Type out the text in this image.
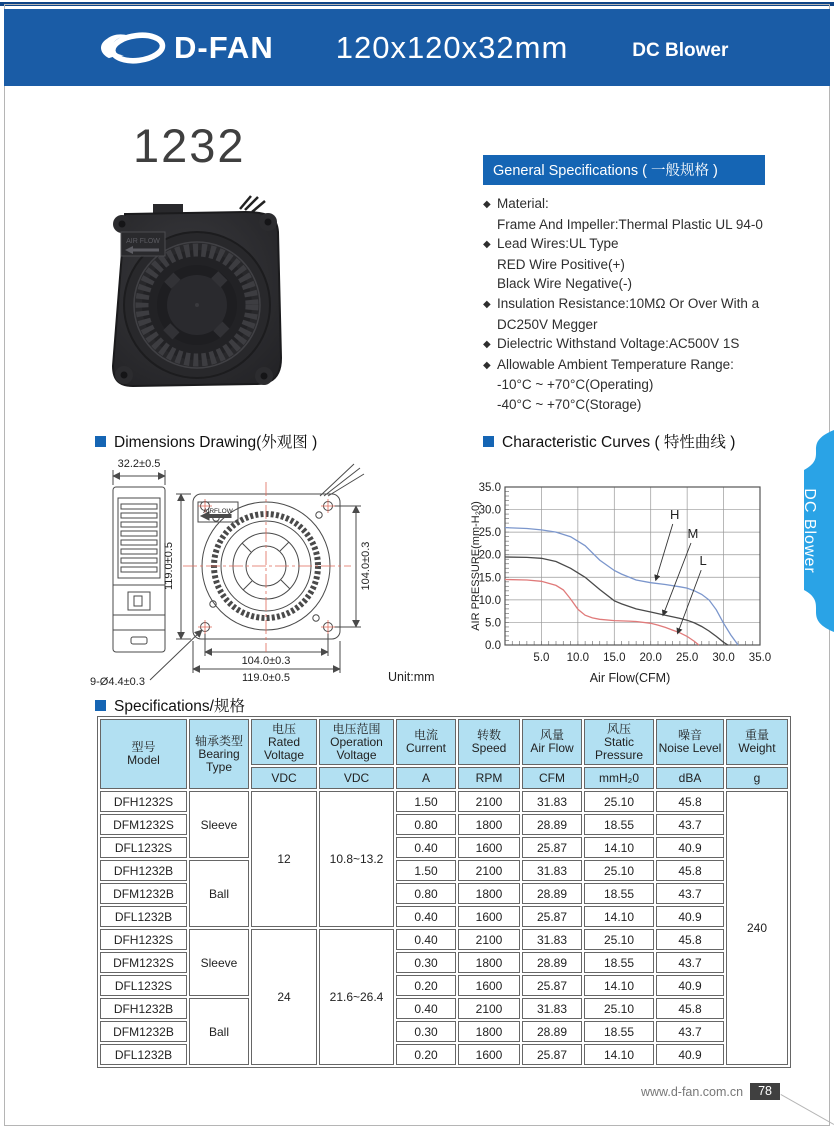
D-FAN 120x120x32mm	DC Blower
1232
AIR FLOW
General Specifications ( 一般规格 )
◆ Material:
Frame And Impeller:Thermal Plastic UL 94-0
◆ Lead Wires:UL Type
RED Wire Positive(+)
Black Wire Negative(-)
◆ Insulation Resistance:10MΩ Or Over With a
DC250V Megger
◆ Dielectric Withstand Voltage:AC500V 1S
◆ Allowable Ambient Temperature Range:
-10°C ~ +70°C(Operating)
-40°C ~ +70°C(Storage)
Dimensions Drawing(外观图 )	Characteristic Curves ( 特性曲线 )
32.2±0.5
119.0±0.5	104.0±0.3
104.0±0.3
119.0±0.5
9-Ø4.4±0.3	Unit:mm
AIRFLOW	H
M
L
5.0 10.0 15.0 20.0 25.0 30.0 35.0
0.0
5.0
10.0
15.0
20.0
25.0
30.0
35.0
AIR PRESSURE(mm-H₂0)
Air Flow(CFM)
DC Blower
Specifications/规格
型号
Model

轴承类型
Bearing Type

电压
Rated Voltage

电压范围
Operation Voltage

电流
Current

转数
Speed

风量
Air Flow

风压
Static Pressure

噪音
Noise Level

重量
Weight

		VDC	VDC	A	RPM	CFM	mmH₂0	dBA	g
DFH1232S	Sleeve	12	10.8~13.2	1.50	2100	31.83	25.10	45.8	240
DFM1232S				0.80	1800	28.89	18.55	43.7	
DFL1232S				0.40	1600	25.87	14.10	40.9	
DFH1232B	Ball			1.50	2100	31.83	25.10	45.8	
DFM1232B				0.80	1800	28.89	18.55	43.7	
DFL1232B				0.40	1600	25.87	14.10	40.9	
DFH1232S	Sleeve	24	21.6~26.4	0.40	2100	31.83	25.10	45.8	
DFM1232S				0.30	1800	28.89	18.55	43.7	
DFL1232S				0.20	1600	25.87	14.10	40.9	
DFH1232B	Ball			0.40	2100	31.83	25.10	45.8	
DFM1232B				0.30	1800	28.89	18.55	43.7	
DFL1232B				0.20	1600	25.87	14.10	40.9	
www.d-fan.com.cn	78
